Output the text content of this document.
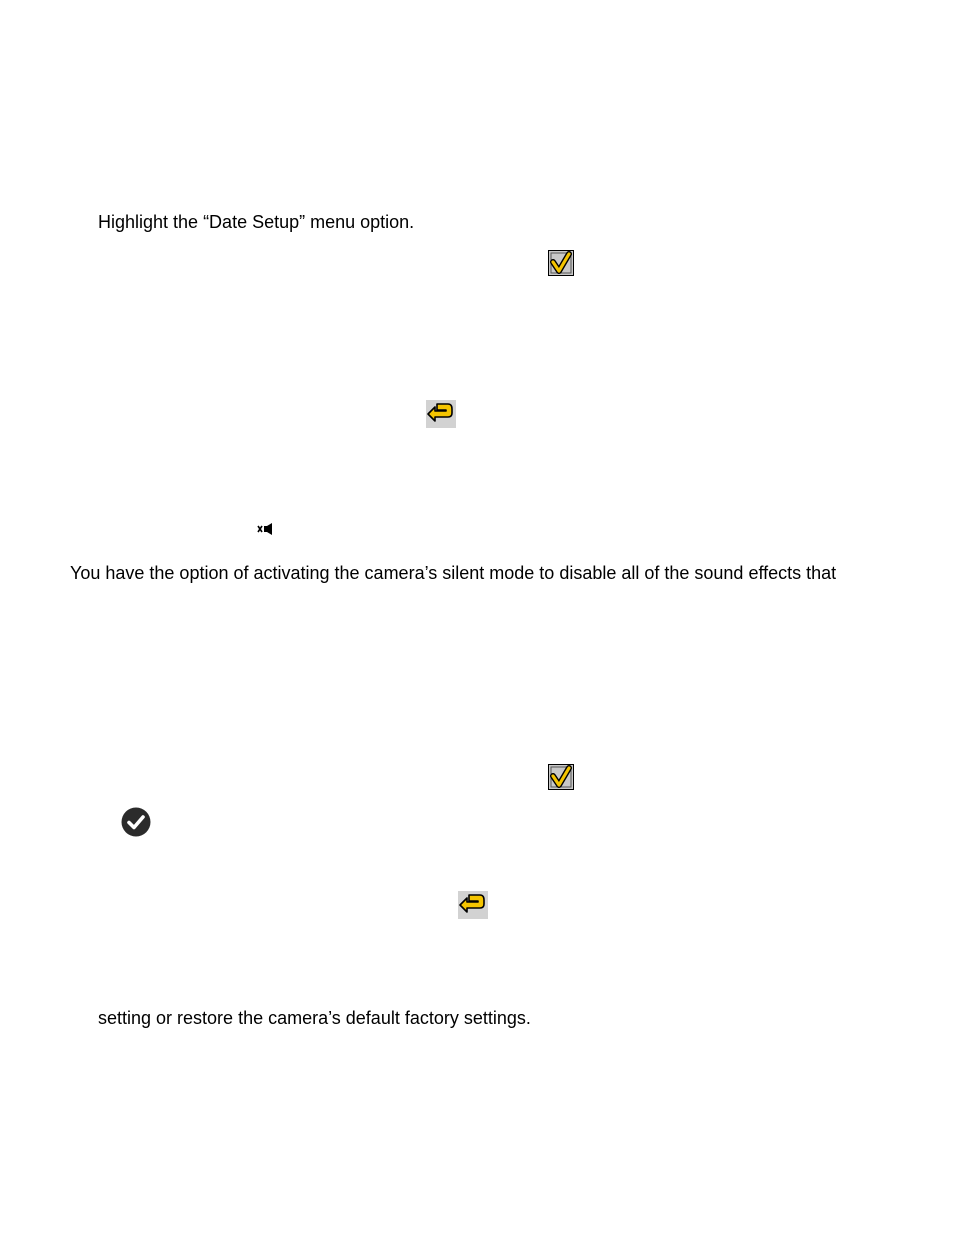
Highlight the “Date Setup” menu option.

You have the option of activating the camera’s silent mode to disable all of the sound effects that

setting or restore the camera’s default factory settings.
